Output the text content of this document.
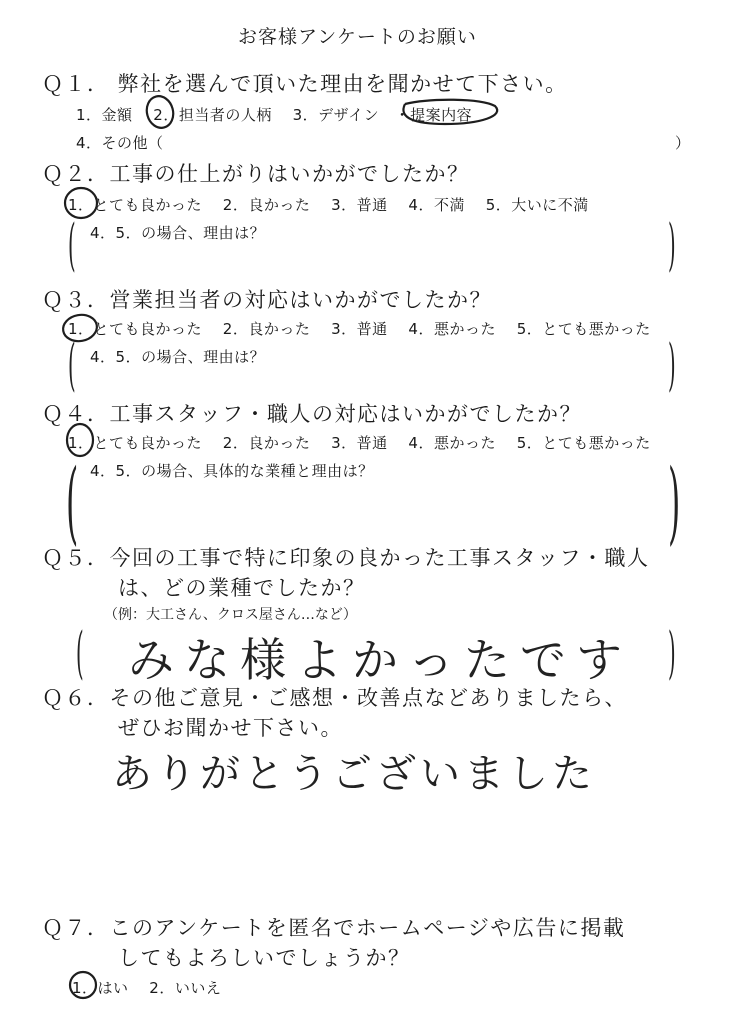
お客様アンケートのお願い
Ｑ１． 弊社を選んで頂いた理由を聞かせて下さい。
1．金額　 2．担当者の人柄　 3．デザイン　・提案内容
4．その他（	）
Ｑ２．工事の仕上がりはいかがでしたか？
1．とても良かった　 2．良かった　 3．普通　 4．不満　 5．大いに不満
4．5．の場合、理由は？
(	)
Ｑ３．営業担当者の対応はいかがでしたか？
1．とても良かった　 2．良かった　 3．普通　 4．悪かった　 5．とても悪かった
4．5．の場合、理由は？
(	)
Ｑ４．工事スタッフ・職人の対応はいかがでしたか？
1．とても良かった　 2．良かった　 3．普通　 4．悪かった　 5．とても悪かった
4．5．の場合、具体的な業種と理由は？
(	)
Ｑ５．今回の工事で特に印象の良かった工事スタッフ・職人
は、どの業種でしたか？
（例：大工さん、クロス屋さん…など）
( みな様よかったです )
Ｑ６．その他ご意見・ご感想・改善点などありましたら、
ぜひお聞かせ下さい。
ありがとうございました
Ｑ７．このアンケートを匿名でホームページや広告に掲載
してもよろしいでしょうか？
1．はい　 2．いいえ
